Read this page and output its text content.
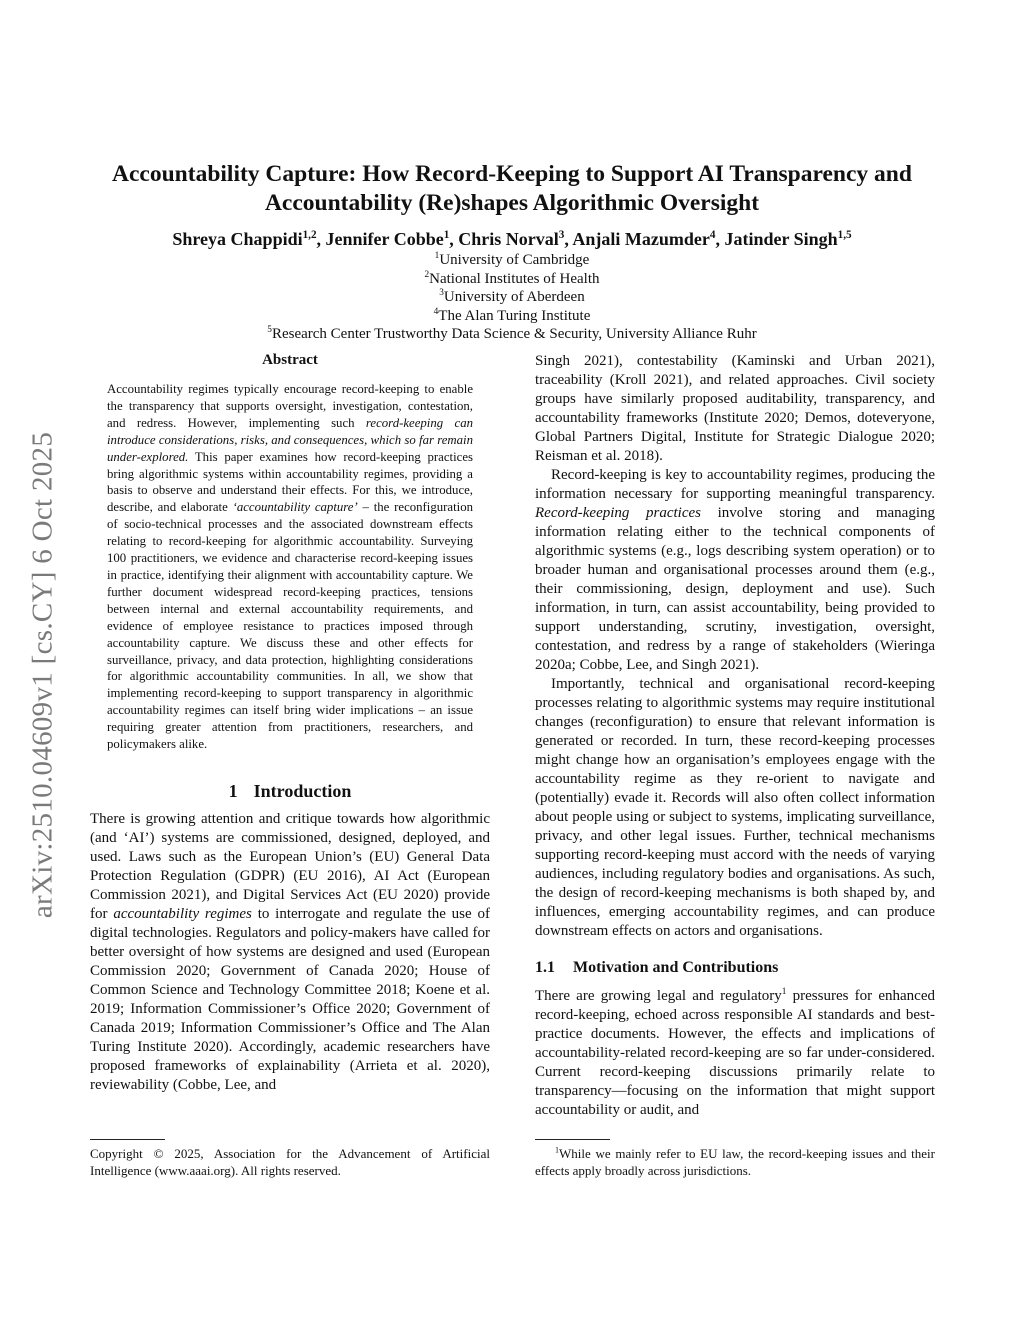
arXiv:2510.04609v1 [cs.CY] 6 Oct 2025
Accountability Capture: How Record-Keeping to Support AI Transparency and
Accountability (Re)shapes Algorithmic Oversight
Shreya Chappidi$^{1,2}$, Jennifer Cobbe$^1$, Chris Norval$^3$, Anjali Mazumder$^4$, Jatinder Singh$^{1,5}$
$^1$University of Cambridge
$^2$National Institutes of Health
$^3$University of Aberdeen
$^4$The Alan Turing Institute
$^5$Research Center Trustworthy Data Science & Security, University Alliance Ruhr
Abstract

Accountability regimes typically encourage record-keeping to enable the transparency that supports oversight, investigation, contestation, and redress. However, implementing such record-keeping can introduce considerations, risks, and consequences, which so far remain under-explored. This paper examines how record-keeping practices bring algorithmic systems within accountability regimes, providing a basis to observe and understand their effects. For this, we introduce, describe, and elaborate ‘accountability capture’ – the reconfiguration of socio-technical processes and the associated downstream effects relating to record-keeping for algorithmic accountability. Surveying 100 practitioners, we evidence and characterise record-keeping issues in practice, identifying their alignment with accountability capture. We further document widespread record-keeping practices, tensions between internal and external accountability requirements, and evidence of employee resistance to practices imposed through accountability capture. We discuss these and other effects for surveillance, privacy, and data protection, highlighting considerations for algorithmic accountability communities. In all, we show that implementing record-keeping to support transparency in algorithmic accountability regimes can itself bring wider implications – an issue requiring greater attention from practitioners, researchers, and policymakers alike.

1 Introduction

There is growing attention and critique towards how algorithmic (and ‘AI’) systems are commissioned, designed, deployed, and used. Laws such as the European Union’s (EU) General Data Protection Regulation (GDPR) (EU 2016), AI Act (European Commission 2021), and Digital Services Act (EU 2020) provide for accountability regimes to interrogate and regulate the use of digital technologies. Regulators and policy-makers have called for better oversight of how systems are designed and used (European Commission 2020; Government of Canada 2020; House of Common Science and Technology Committee 2018; Koene et al. 2019; Information Commissioner’s Office 2020; Government of Canada 2019; Information Commissioner’s Office and The Alan Turing Institute 2020). Accordingly, academic researchers have proposed frameworks of explainability (Arrieta et al. 2020), reviewability (Cobbe, Lee, and

Singh 2021), contestability (Kaminski and Urban 2021), traceability (Kroll 2021), and related approaches. Civil society groups have similarly proposed auditability, transparency, and accountability frameworks (Institute 2020; Demos, doteveryone, Global Partners Digital, Institute for Strategic Dialogue 2020; Reisman et al. 2018).

Record-keeping is key to accountability regimes, producing the information necessary for supporting meaningful transparency. Record-keeping practices involve storing and managing information relating either to the technical components of algorithmic systems (e.g., logs describing system operation) or to broader human and organisational processes around them (e.g., their commissioning, design, deployment and use). Such information, in turn, can assist accountability, being provided to support understanding, scrutiny, investigation, oversight, contestation, and redress by a range of stakeholders (Wieringa 2020a; Cobbe, Lee, and Singh 2021).

Importantly, technical and organisational record-keeping processes relating to algorithmic systems may require institutional changes (reconfiguration) to ensure that relevant information is generated or recorded. In turn, these record-keeping processes might change how an organisation’s employees engage with the accountability regime as they re-orient to navigate and (potentially) evade it. Records will also often collect information about people using or subject to systems, implicating surveillance, privacy, and other legal issues. Further, technical mechanisms supporting record-keeping must accord with the needs of varying audiences, including regulatory bodies and organisations. As such, the design of record-keeping mechanisms is both shaped by, and influences, emerging accountability regimes, and can produce downstream effects on actors and organisations.

1.1 Motivation and Contributions

There are growing legal and regulatory$^1$ pressures for enhanced record-keeping, echoed across responsible AI standards and best-practice documents. However, the effects and implications of accountability-related record-keeping are so far under-considered. Current record-keeping discussions primarily relate to transparency—focusing on the information that might support accountability or audit, and

Copyright © 2025, Association for the Advancement of Artificial Intelligence (www.aaai.org). All rights reserved.
$^1$While we mainly refer to EU law, the record-keeping issues and their effects apply broadly across jurisdictions.
